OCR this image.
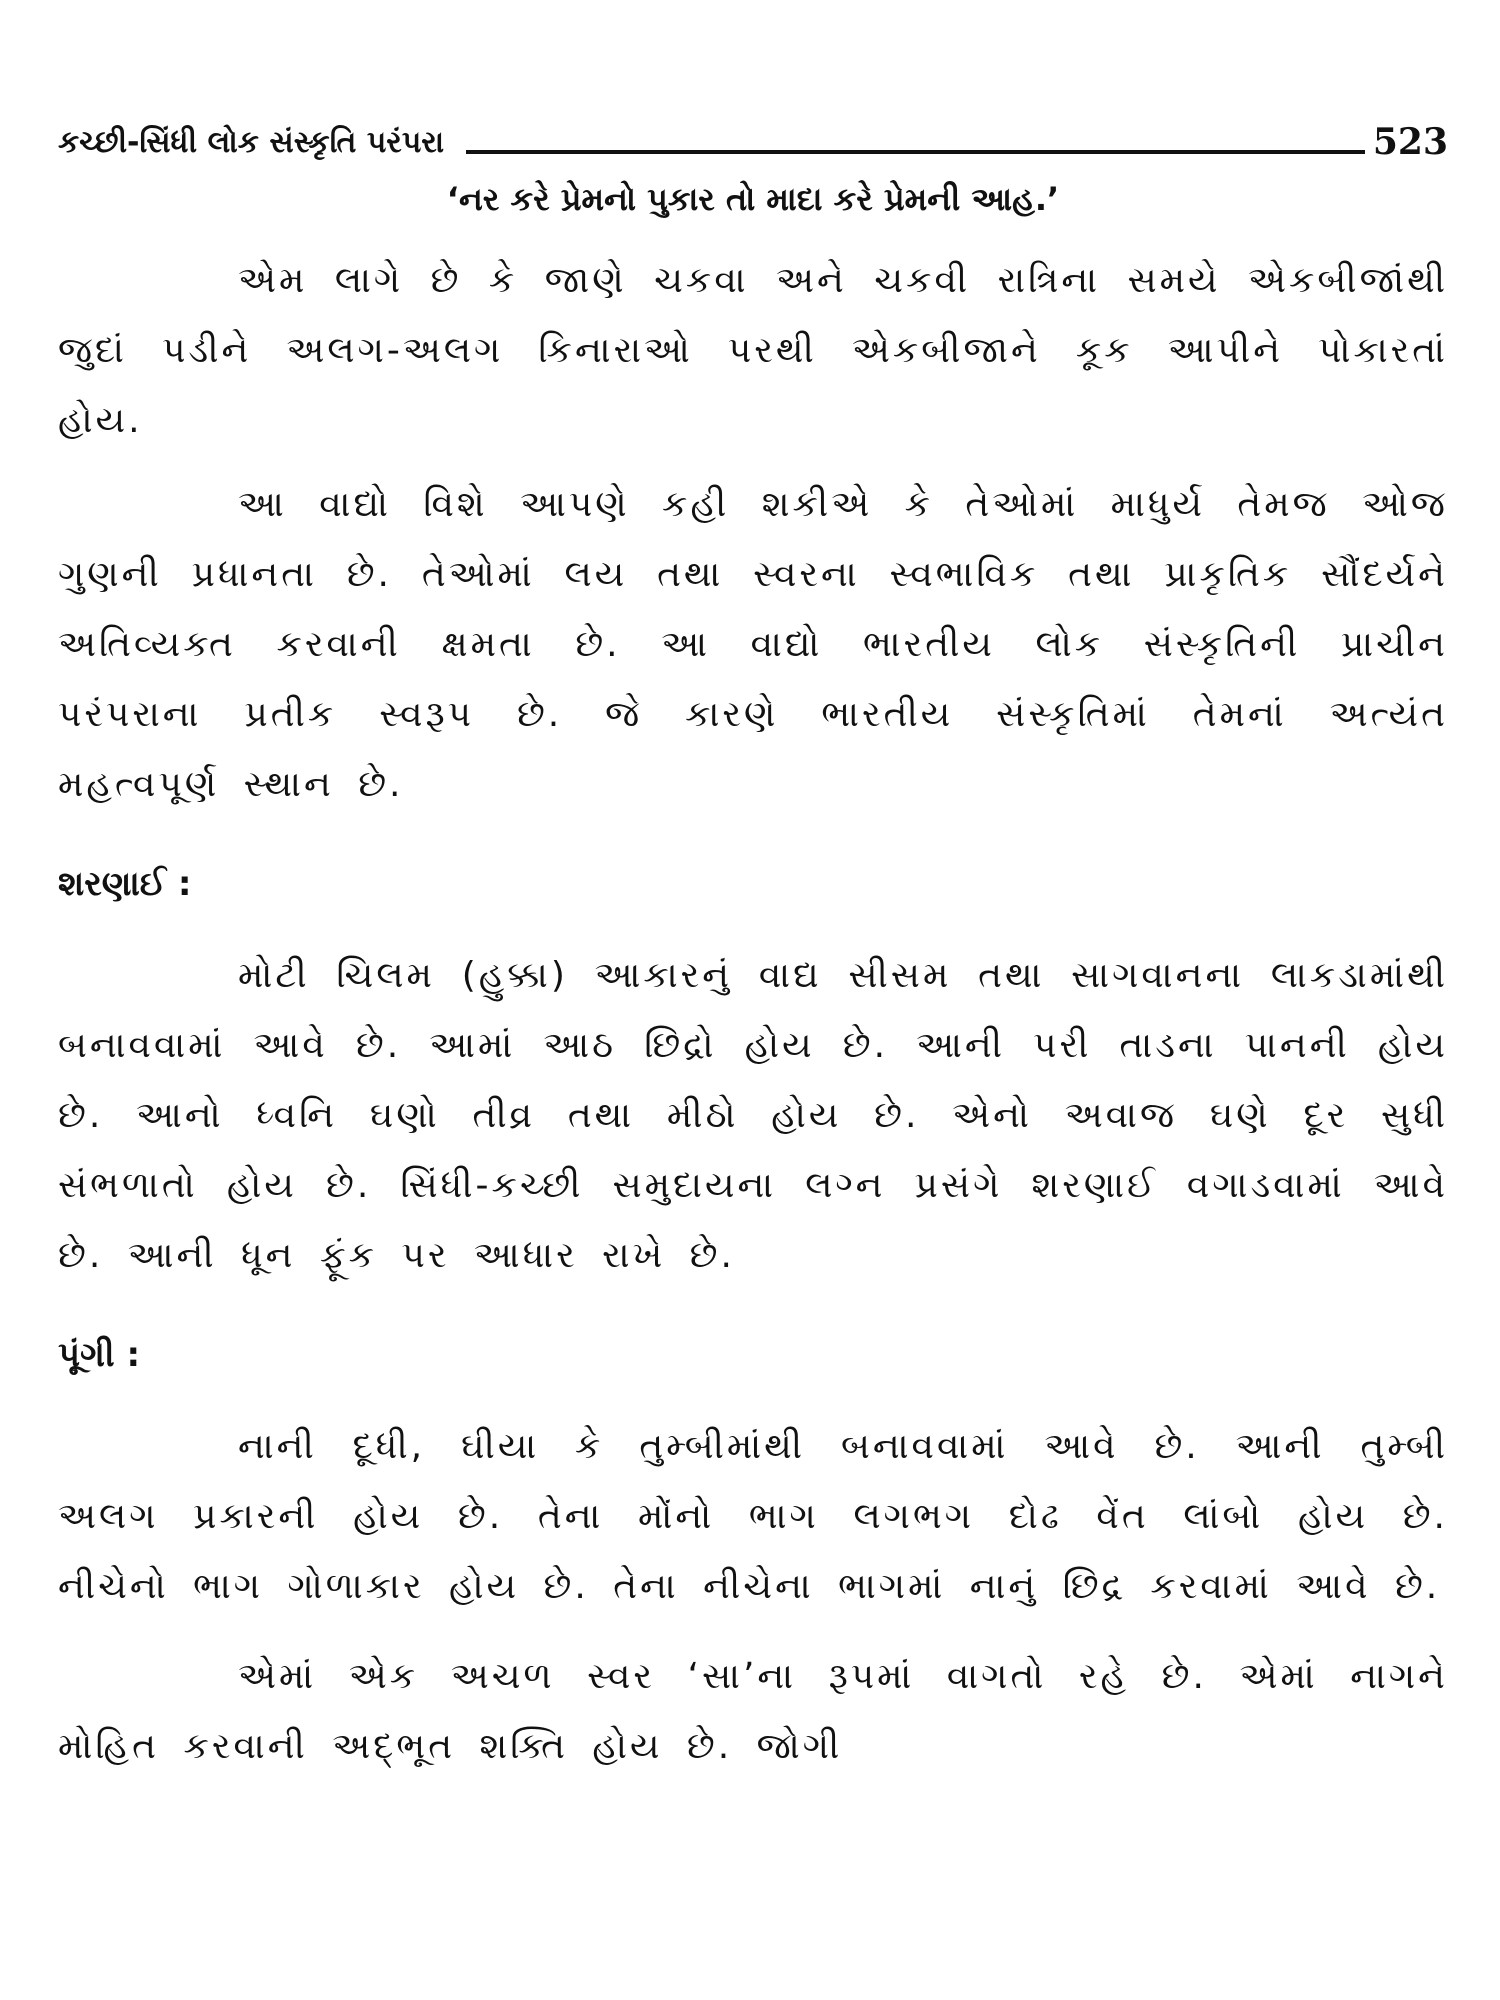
કચ્છી-સિંધી લોક સંસ્કૃતિ પરંપરા	523

‘નર કરે પ્રેમનો પુકાર તો માદા કરે પ્રેમની આહ.’

એમ લાગે છે કે જાણે ચકવા અને ચકવી રાત્રિના સમયે એકબીજાંથી જુદાં પડીને અલગ-અલગ કિનારાઓ પરથી એકબીજાને કૂક આપીને પોકારતાં હોય.

આ વાદ્યો વિશે આપણે કહી શકીએ કે તેઓમાં માધુર્ય તેમજ ઓજ ગુણની પ્રધાનતા છે. તેઓમાં લય તથા સ્વરના સ્વભાવિક તથા પ્રાકૃતિક સૌંદર્યને અતિવ્યક્ત કરવાની ક્ષમતા છે. આ વાદ્યો ભારતીય લોક સંસ્કૃતિની પ્રાચીન પરંપરાના પ્રતીક સ્વરૂપ છે. જે કારણે ભારતીય સંસ્કૃતિમાં તેમનાં અત્યંત મહત્વપૂર્ણ સ્થાન છે.

શરણાઈ :

મોટી ચિલમ (હુક્કા) આકારનું વાદ્ય સીસમ તથા સાગવાનના લાકડામાંથી બનાવવામાં આવે છે. આમાં આઠ છિદ્રો હોય છે. આની પરી તાડના પાનની હોય છે. આનો ધ્વનિ ઘણો તીવ્ર તથા મીઠો હોય છે. એનો અવાજ ઘણે દૂર સુધી સંભળાતો હોય છે. સિંધી-કચ્છી સમુદાયના લગ્ન પ્રસંગે શરણાઈ વગાડવામાં આવે છે. આની ધૂન ફૂંક પર આધાર રાખે છે.

પૂંગી :

નાની દૂધી, ઘીયા કે તુમ્બીમાંથી બનાવવામાં આવે છે. આની તુમ્બી અલગ પ્રકારની હોય છે. તેના મોંનો ભાગ લગભગ દોઢ વેંત લાંબો હોય છે. નીચેનો ભાગ ગોળાકાર હોય છે. તેના નીચેના ભાગમાં નાનું છિદ્ર કરવામાં આવે છે.

એમાં એક અચળ સ્વર ‘સા’ના રૂપમાં વાગતો રહે છે. એમાં નાગને મોહિત કરવાની અદ્ભૂત શક્તિ હોય છે. જોગી
